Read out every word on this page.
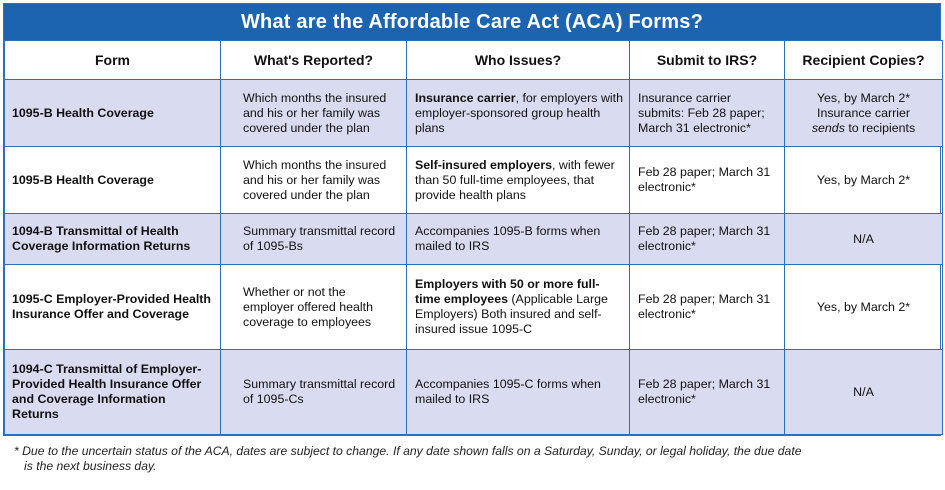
What are the Affordable Care Act (ACA) Forms?
Form	What's Reported?	Who Issues?	Submit to IRS?	Recipient Copies?
1095-B Health Coverage	Which months the insured and his or her family was covered under the plan	Insurance carrier, for employers with employer-sponsored group health plans	Insurance carrier submits: Feb 28 paper; March 31 electronic*	Yes, by March 2*
Insurance carrier
sends to recipients
1095-B Health Coverage	Which months the insured and his or her family was covered under the plan	Self-insured employers, with fewer than 50 full-time employees, that provide health plans	Feb 28 paper; March 31 electronic*	Yes, by March 2*
1094-B Transmittal of Health Coverage Information Returns	Summary transmittal record of 1095-Bs	Accompanies 1095-B forms when mailed to IRS	Feb 28 paper; March 31 electronic*	N/A
1095-C Employer-Provided Health Insurance Offer and Coverage	Whether or not the employer offered health coverage to employees	Employers with 50 or more full-time employees (Applicable Large Employers) Both insured and self-insured issue 1095-C	Feb 28 paper; March 31 electronic*	Yes, by March 2*
1094-C Transmittal of Employer-Provided Health Insurance Offer and Coverage Information Returns	Summary transmittal record of 1095-Cs	Accompanies 1095-C forms when mailed to IRS	Feb 28 paper; March 31 electronic*	N/A
* Due to the uncertain status of the ACA, dates are subject to change. If any date shown falls on a Saturday, Sunday, or legal holiday, the due date
is the next business day.
